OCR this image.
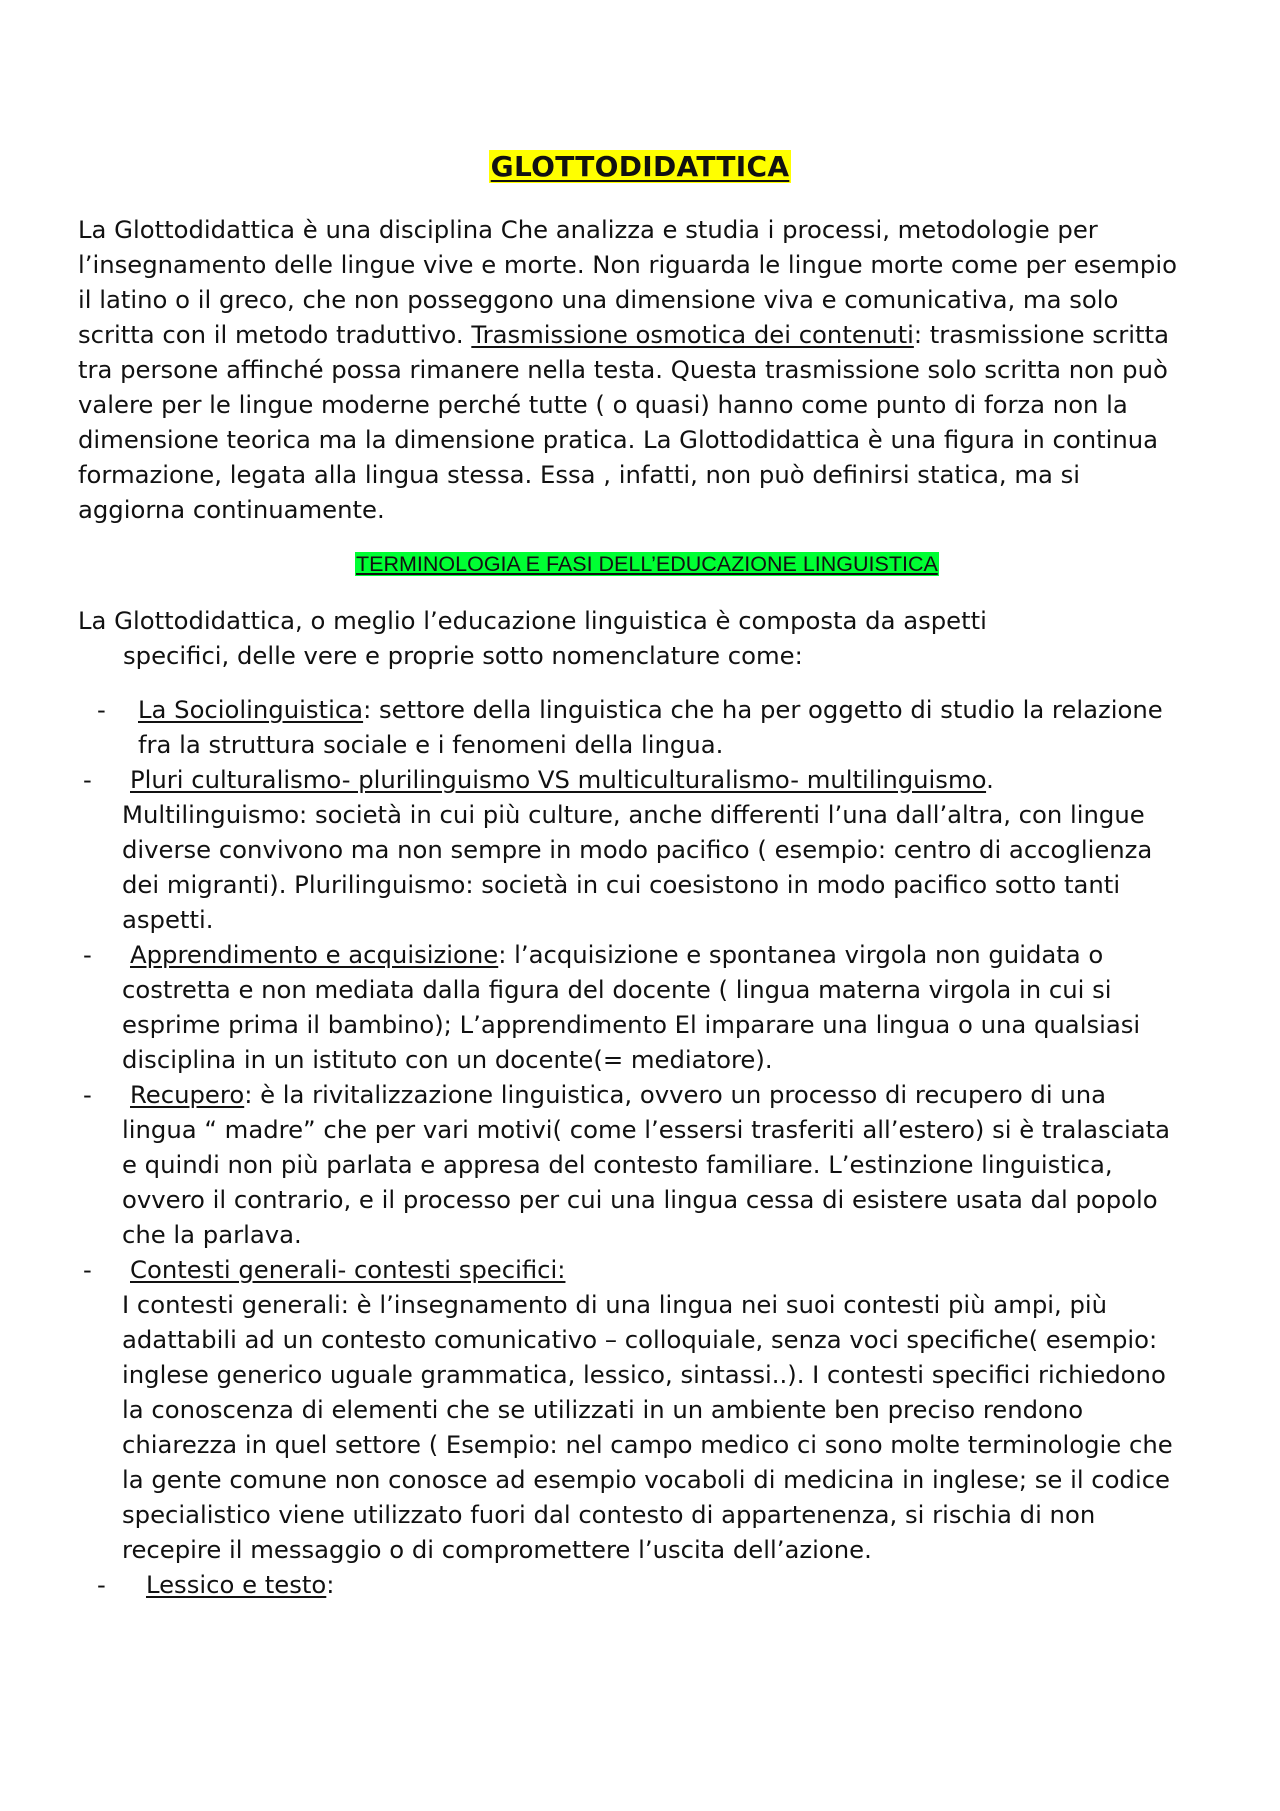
GLOTTODIDATTICA

La Glottodidattica è una disciplina Che analizza e studia i processi, metodologie per l’insegnamento delle lingue vive e morte. Non riguarda le lingue morte come per esempio il latino o il greco, che non posseggono una dimensione viva e comunicativa, ma solo scritta con il metodo traduttivo. Trasmissione osmotica dei contenuti: trasmissione scritta tra persone affinché possa rimanere nella testa. Questa trasmissione solo scritta non può valere per le lingue moderne perché tutte ( o quasi) hanno come punto di forza non la dimensione teorica ma la dimensione pratica. La Glottodidattica è una figura in continua formazione, legata alla lingua stessa. Essa , infatti, non può definirsi statica, ma si aggiorna continuamente.

TERMINOLOGIA E FASI DELL’EDUCAZIONE LINGUISTICA

La Glottodidattica, o meglio l’educazione linguistica è composta da aspetti
specifici, delle vere e proprie sotto nomenclature come:

- La Sociolinguistica: settore della linguistica che ha per oggetto di studio la relazione fra la struttura sociale e i fenomeni della lingua.
-	Pluri culturalismo- plurilinguismo VS multiculturalismo- multilinguismo. Multilinguismo: società in cui più culture, anche differenti l’una dall’altra, con lingue diverse convivono ma non sempre in modo pacifico ( esempio: centro di accoglienza dei migranti). Plurilinguismo: società in cui coesistono in modo pacifico sotto tanti aspetti.
-	Apprendimento e acquisizione: l’acquisizione e spontanea virgola non guidata o costretta e non mediata dalla figura del docente ( lingua materna virgola in cui si esprime prima il bambino); L’apprendimento El imparare una lingua o una qualsiasi disciplina in un istituto con un docente(= mediatore).
-	Recupero: è la rivitalizzazione linguistica, ovvero un processo di recupero di una lingua “ madre” che per vari motivi( come l’essersi trasferiti all’estero) si è tralasciata e quindi non più parlata e appresa del contesto familiare. L’estinzione linguistica, ovvero il contrario, e il processo per cui una lingua cessa di esistere usata dal popolo che la parlava.
-	Contesti generali- contesti specifici:
I contesti generali: è l’insegnamento di una lingua nei suoi contesti più ampi, più adattabili ad un contesto comunicativo – colloquiale, senza voci specifiche( esempio: inglese generico uguale grammatica, lessico, sintassi..). I contesti specifici richiedono la conoscenza di elementi che se utilizzati in un ambiente ben preciso rendono chiarezza in quel settore ( Esempio: nel campo medico ci sono molte terminologie che la gente comune non conosce ad esempio vocaboli di medicina in inglese; se il codice specialistico viene utilizzato fuori dal contesto di appartenenza, si rischia di non recepire il messaggio o di compromettere l’uscita dell’azione.
-	Lessico e testo:
